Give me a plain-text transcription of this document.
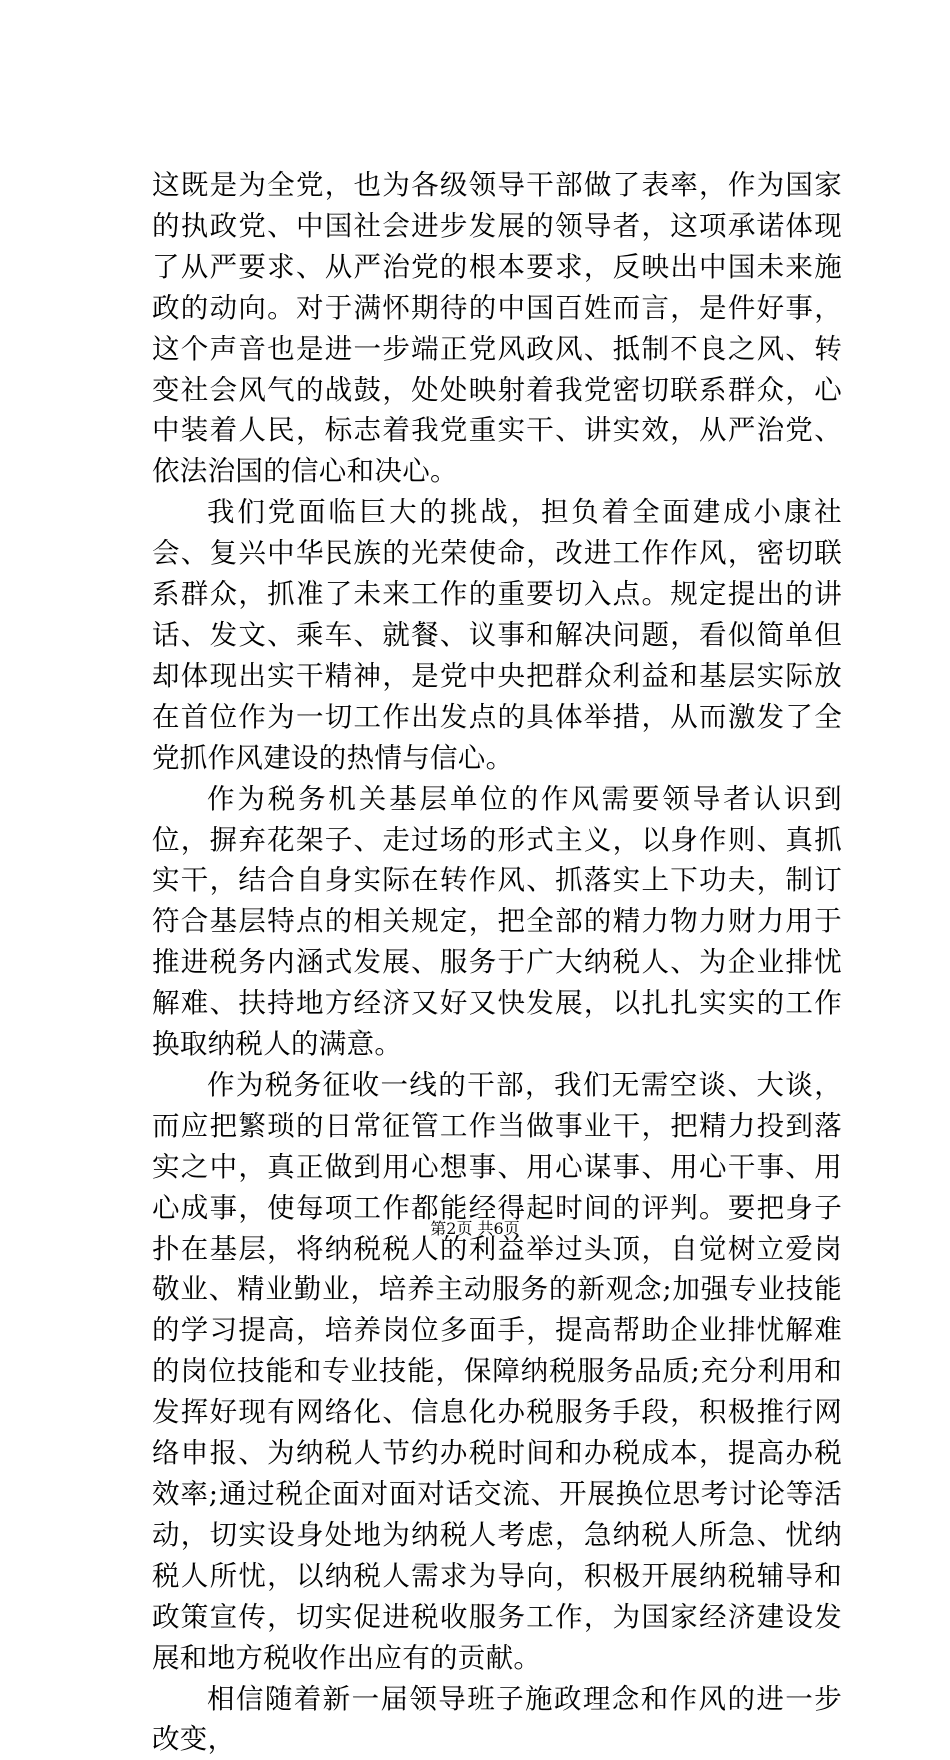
这既是为全党，也为各级领导干部做了表率，作为国家的执政党、中国社会进步发展的领导者，这项承诺体现了从严要求、从严治党的根本要求，反映出中国未来施政的动向。对于满怀期待的中国百姓而言，是件好事，这个声音也是进一步端正党风政风、抵制不良之风、转变社会风气的战鼓，处处映射着我党密切联系群众，心中装着人民，标志着我党重实干、讲实效，从严治党、依法治国的信心和决心。

我们党面临巨大的挑战，担负着全面建成小康社会、复兴中华民族的光荣使命，改进工作作风，密切联系群众，抓准了未来工作的重要切入点。规定提出的讲话、发文、乘车、就餐、议事和解决问题，看似简单但却体现出实干精神，是党中央把群众利益和基层实际放在首位作为一切工作出发点的具体举措，从而激发了全党抓作风建设的热情与信心。

作为税务机关基层单位的作风需要领导者认识到位，摒弃花架子、走过场的形式主义，以身作则、真抓实干，结合自身实际在转作风、抓落实上下功夫，制订符合基层特点的相关规定，把全部的精力物力财力用于推进税务内涵式发展、服务于广大纳税人、为企业排忧解难、扶持地方经济又好又快发展，以扎扎实实的工作换取纳税人的满意。

作为税务征收一线的干部，我们无需空谈、大谈，而应把繁琐的日常征管工作当做事业干，把精力投到落实之中，真正做到用心想事、用心谋事、用心干事、用心成事，使每项工作都能经得起时间的评判。要把身子扑在基层，将纳税税人的利益举过头顶，自觉树立爱岗敬业、精业勤业，培养主动服务的新观念;加强专业技能的学习提高，培养岗位多面手，提高帮助企业排忧解难的岗位技能和专业技能，保障纳税服务品质;充分利用和发挥好现有网络化、信息化办税服务手段，积极推行网络申报、为纳税人节约办税时间和办税成本，提高办税效率;通过税企面对面对话交流、开展换位思考讨论等活动，切实设身处地为纳税人考虑，急纳税人所急、忧纳税人所忧，以纳税人需求为导向，积极开展纳税辅导和政策宣传，切实促进税收服务工作，为国家经济建设发展和地方税收作出应有的贡献。

相信随着新一届领导班子施政理念和作风的进一步改变，

第2页 共6页
